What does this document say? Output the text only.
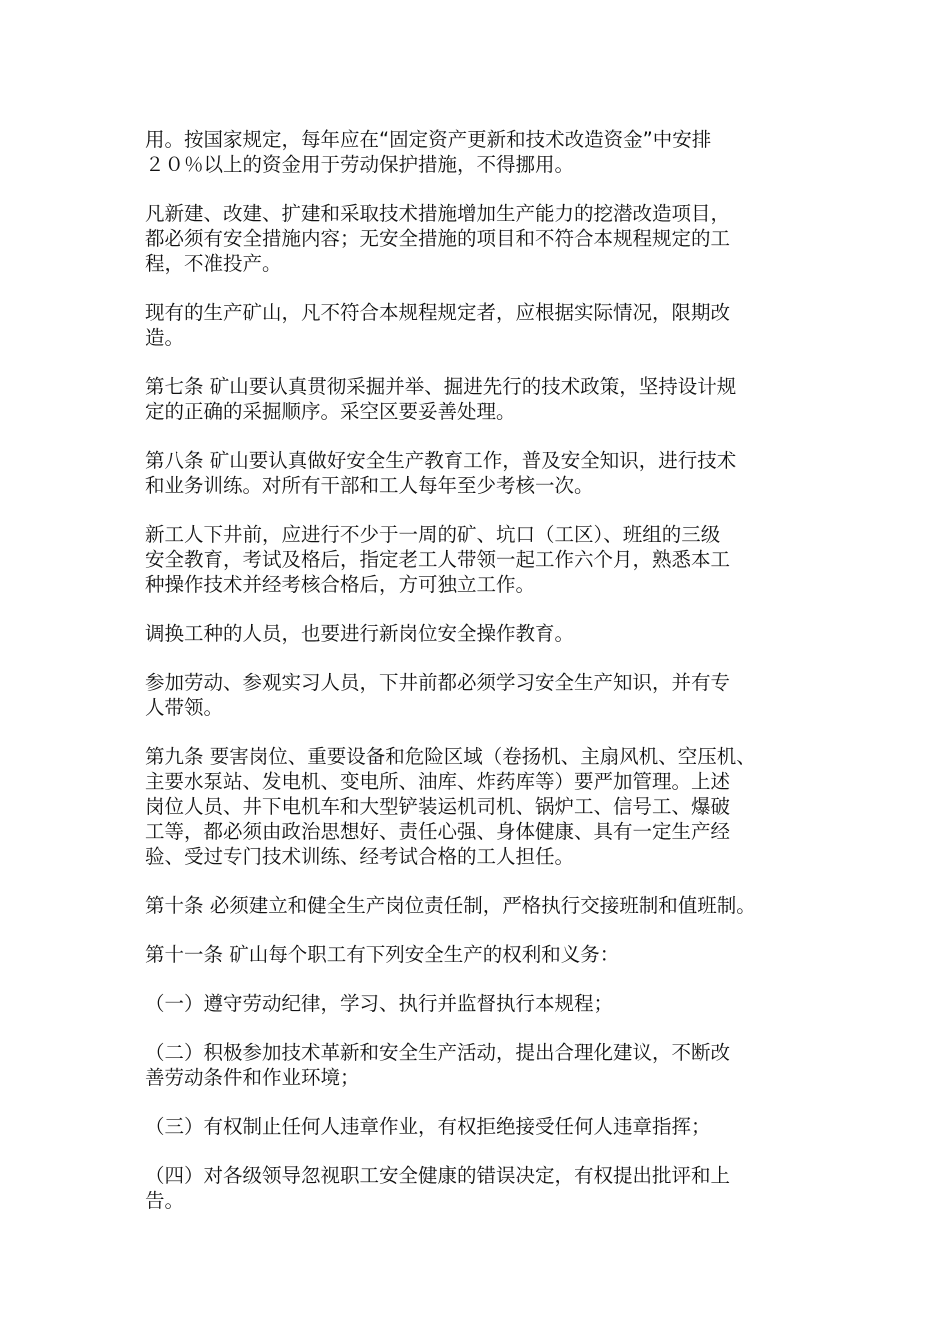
用。按国家规定，每年应在“固定资产更新和技术改造资金”中安排
２０％以上的资金用于劳动保护措施，不得挪用。

凡新建、改建、扩建和采取技术措施增加生产能力的挖潜改造项目，
都必须有安全措施内容；无安全措施的项目和不符合本规程规定的工
程，不准投产。

现有的生产矿山，凡不符合本规程规定者，应根据实际情况，限期改
造。

第七条 矿山要认真贯彻采掘并举、掘进先行的技术政策，坚持设计规
定的正确的采掘顺序。采空区要妥善处理。

第八条 矿山要认真做好安全生产教育工作，普及安全知识，进行技术
和业务训练。对所有干部和工人每年至少考核一次。

新工人下井前，应进行不少于一周的矿、坑口（工区）、班组的三级
安全教育，考试及格后，指定老工人带领一起工作六个月，熟悉本工
种操作技术并经考核合格后，方可独立工作。

调换工种的人员，也要进行新岗位安全操作教育。

参加劳动、参观实习人员，下井前都必须学习安全生产知识，并有专
人带领。

第九条 要害岗位、重要设备和危险区域（卷扬机、主扇风机、空压机、
主要水泵站、发电机、变电所、油库、炸药库等）要严加管理。上述
岗位人员、井下电机车和大型铲装运机司机、锅炉工、信号工、爆破
工等，都必须由政治思想好、责任心强、身体健康、具有一定生产经
验、受过专门技术训练、经考试合格的工人担任。

第十条 必须建立和健全生产岗位责任制，严格执行交接班制和值班制。

第十一条 矿山每个职工有下列安全生产的权利和义务：

（一）遵守劳动纪律，学习、执行并监督执行本规程；

（二）积极参加技术革新和安全生产活动，提出合理化建议，不断改
善劳动条件和作业环境；

（三）有权制止任何人违章作业，有权拒绝接受任何人违章指挥；

（四）对各级领导忽视职工安全健康的错误决定，有权提出批评和上
告。
